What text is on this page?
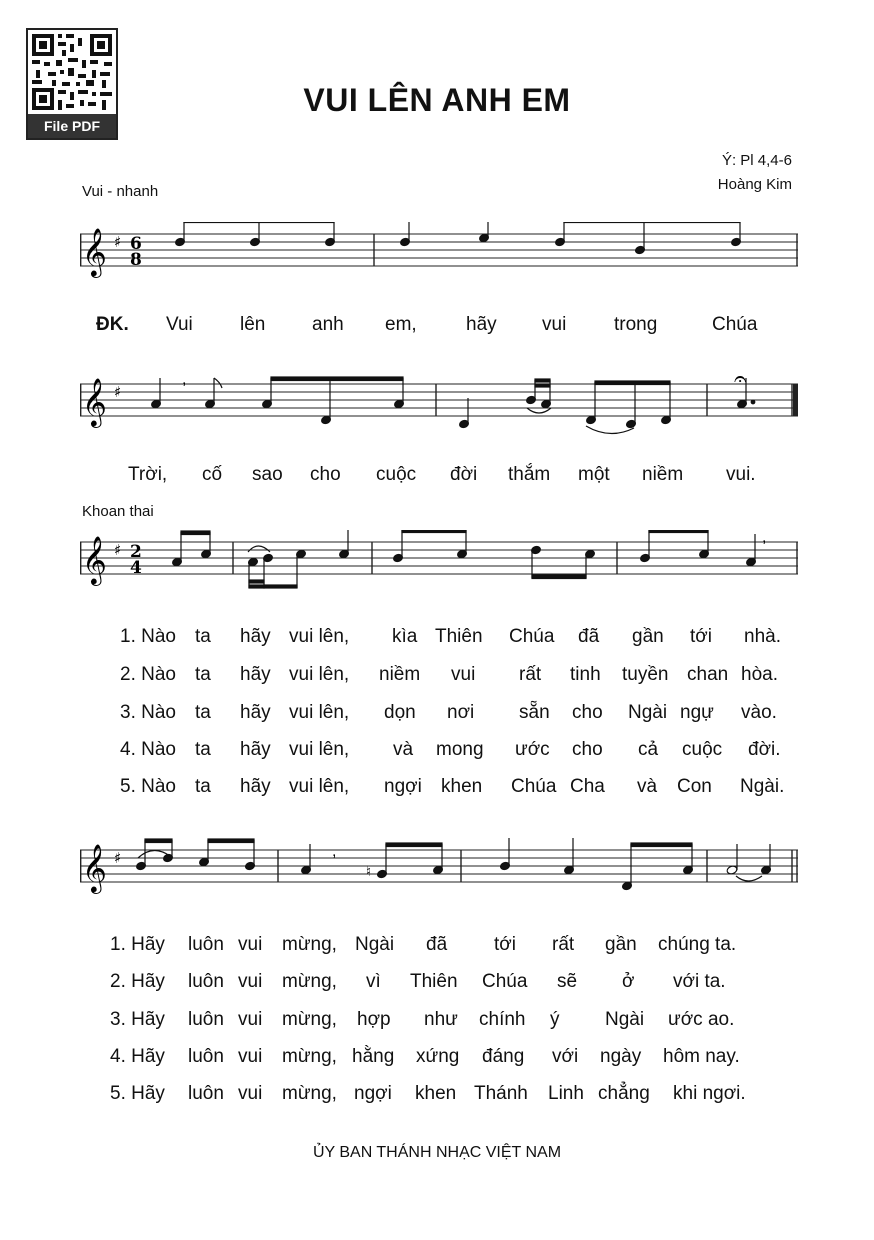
File PDF
VUI LÊN ANH EM
Ý: Pl 4,4-6
Hoàng Kim
Vui - nhanh
𝄞 ♯ 6
8
ĐK. Vui lên anh em,	hãy vui	trong	Chúa
𝄞 ♯
,	𝄐
Trời, cố sao cho cuộc đời thắm một niềm vui.
Khoan thai
𝄞 ♯ 2
4
,
1. Nào ta hãy vui lên, kìa Thiên Chúa đã gần tới nhà.
2. Nào ta hãy vui lên, niềm vui rất tinh tuyền chan hòa.
3. Nào ta hãy vui lên, dọn nơi sẵn cho Ngài ngự vào.
4. Nào ta hãy vui lên, và mong ước cho cả cuộc đời.
5. Nào ta hãy vui lên, ngợi khen Chúa Cha và Con Ngài.
𝄞 ♯	,
♮
1. Hãy luôn vui mừng, Ngài đã tới rất gần chúng ta.
2. Hãy luôn vui mừng, vì Thiên Chúa sẽ ở với ta.
3. Hãy luôn vui mừng, hợp như chính ý Ngài ước ao.
4. Hãy luôn vui mừng, hằng xứng đáng với ngày hôm nay.
5. Hãy luôn vui mừng, ngợi khen Thánh Linh chẳng khi ngơi.
ỦY BAN THÁNH NHẠC VIỆT NAM
